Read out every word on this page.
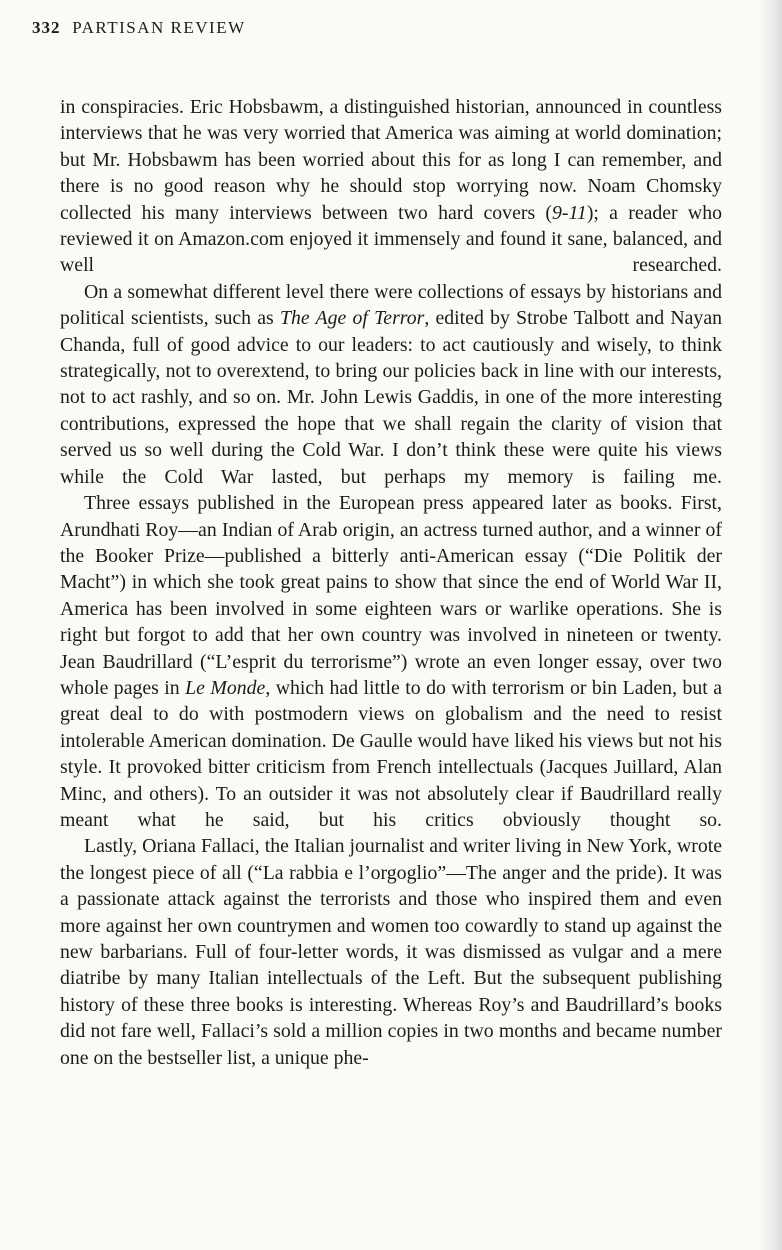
332 PARTISAN REVIEW

in conspiracies. Eric Hobsbawm, a distinguished historian, announced in countless interviews that he was very worried that America was aiming at world domination; but Mr. Hobsbawm has been worried about this for as long I can remember, and there is no good reason why he should stop worrying now. Noam Chomsky collected his many interviews between two hard covers (9-11); a reader who reviewed it on Amazon.com enjoyed it immensely and found it sane, balanced, and well researched.

On a somewhat different level there were collections of essays by historians and political scientists, such as The Age of Terror, edited by Strobe Talbott and Nayan Chanda, full of good advice to our leaders: to act cautiously and wisely, to think strategically, not to overextend, to bring our policies back in line with our interests, not to act rashly, and so on. Mr. John Lewis Gaddis, in one of the more interesting contributions, expressed the hope that we shall regain the clarity of vision that served us so well during the Cold War. I don’t think these were quite his views while the Cold War lasted, but perhaps my memory is failing me.

Three essays published in the European press appeared later as books. First, Arundhati Roy—an Indian of Arab origin, an actress turned author, and a winner of the Booker Prize—published a bitterly anti-American essay (“Die Politik der Macht”) in which she took great pains to show that since the end of World War II, America has been involved in some eighteen wars or warlike operations. She is right but forgot to add that her own country was involved in nineteen or twenty. Jean Baudrillard (“L’esprit du terrorisme”) wrote an even longer essay, over two whole pages in Le Monde, which had little to do with terrorism or bin Laden, but a great deal to do with postmodern views on globalism and the need to resist intolerable American domination. De Gaulle would have liked his views but not his style. It provoked bitter criticism from French intellectuals (Jacques Juillard, Alan Minc, and others). To an outsider it was not absolutely clear if Baudrillard really meant what he said, but his critics obviously thought so.

Lastly, Oriana Fallaci, the Italian journalist and writer living in New York, wrote the longest piece of all (“La rabbia e l’orgoglio”—The anger and the pride). It was a passionate attack against the terrorists and those who inspired them and even more against her own countrymen and women too cowardly to stand up against the new barbarians. Full of four-letter words, it was dismissed as vulgar and a mere diatribe by many Italian intellectuals of the Left. But the subsequent publishing history of these three books is interesting. Whereas Roy’s and Baudrillard’s books did not fare well, Fallaci’s sold a million copies in two months and became number one on the bestseller list, a unique phe-
